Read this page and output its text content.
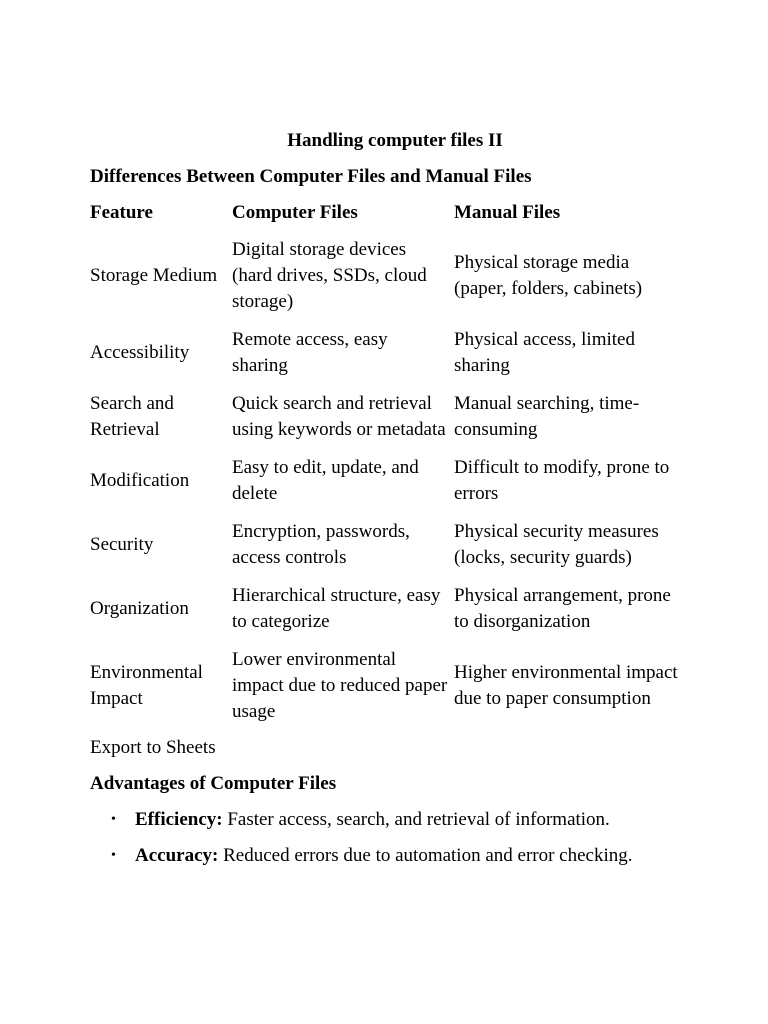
Handling computer files II
Differences Between Computer Files and Manual Files
Feature	Computer Files	Manual Files
Storage Medium	Digital storage devices (hard drives, SSDs, cloud storage)	Physical storage media (paper, folders, cabinets)
Accessibility	Remote access, easy sharing	Physical access, limited sharing
Search and Retrieval	Quick search and retrieval using keywords or metadata	Manual searching, time-consuming
Modification	Easy to edit, update, and delete	Difficult to modify, prone to errors
Security	Encryption, passwords, access controls	Physical security measures (locks, security guards)
Organization	Hierarchical structure, easy to categorize	Physical arrangement, prone to disorganization
Environmental Impact	Lower environmental impact due to reduced paper usage	Higher environmental impact due to paper consumption
Export to Sheets
Advantages of Computer Files
• Efficiency: Faster access, search, and retrieval of information.
• Accuracy: Reduced errors due to automation and error checking.
